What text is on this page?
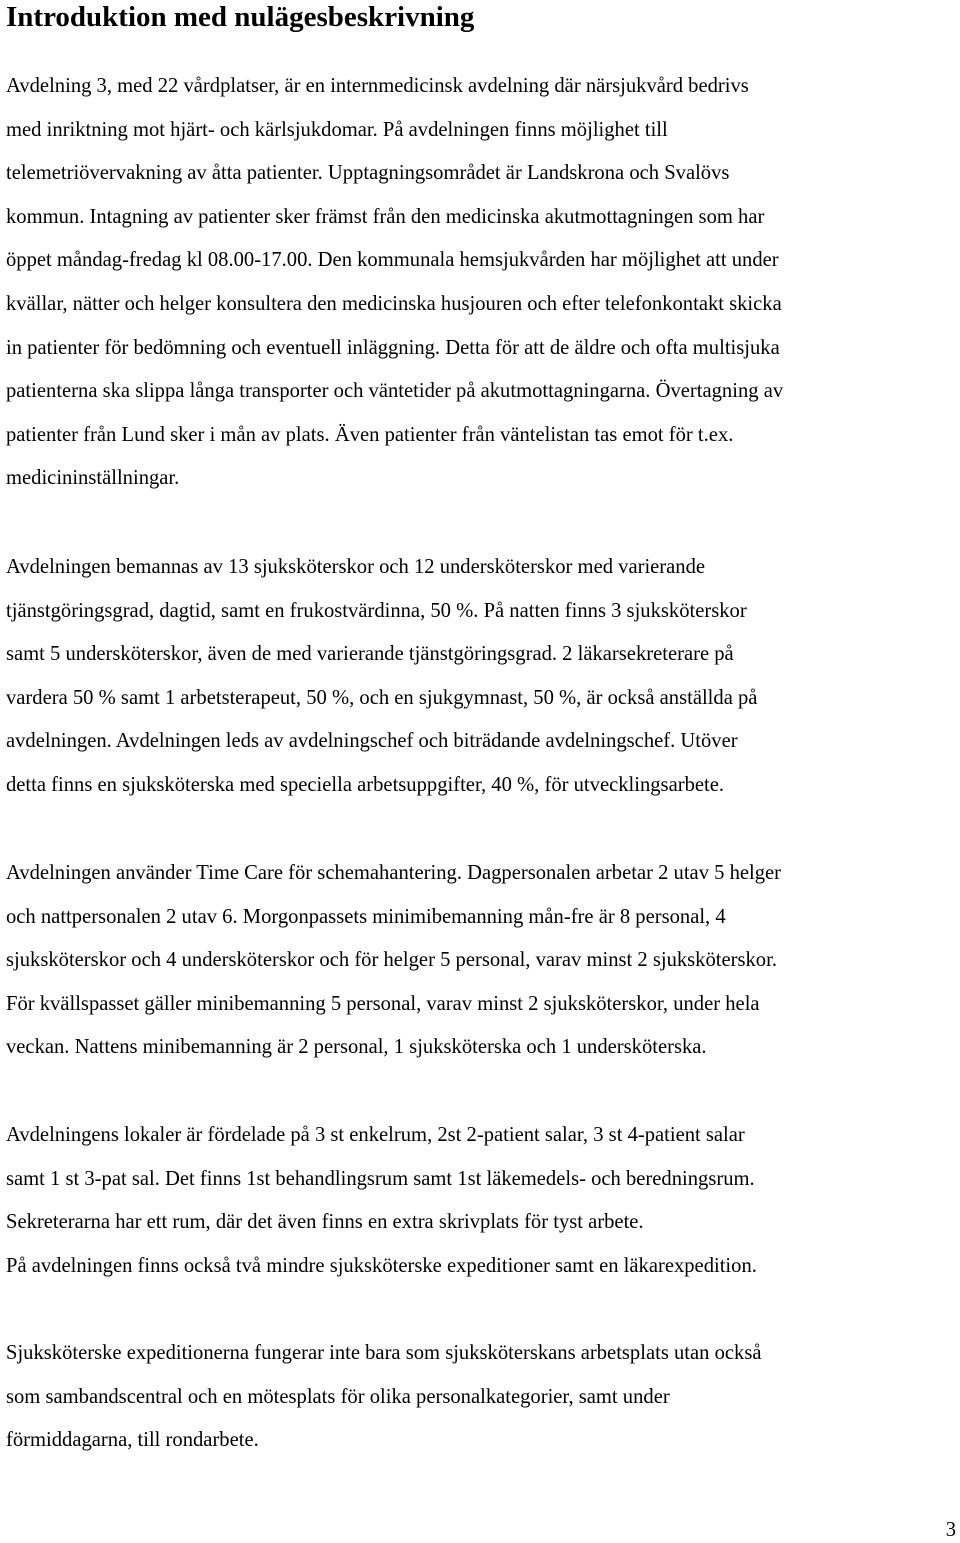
Introduktion med nulägesbeskrivning

Avdelning 3, med 22 vårdplatser, är en internmedicinsk avdelning där närsjukvård bedrivs
med inriktning mot hjärt- och kärlsjukdomar. På avdelningen finns möjlighet till
telemetriövervakning av åtta patienter. Upptagningsområdet är Landskrona och Svalövs
kommun. Intagning av patienter sker främst från den medicinska akutmottagningen som har
öppet måndag-fredag kl 08.00-17.00. Den kommunala hemsjukvården har möjlighet att under
kvällar, nätter och helger konsultera den medicinska husjouren och efter telefonkontakt skicka
in patienter för bedömning och eventuell inläggning. Detta för att de äldre och ofta multisjuka
patienterna ska slippa långa transporter och väntetider på akutmottagningarna. Övertagning av
patienter från Lund sker i mån av plats. Även patienter från väntelistan tas emot för t.ex.
medicininställningar.

Avdelningen bemannas av 13 sjuksköterskor och 12 undersköterskor med varierande
tjänstgöringsgrad, dagtid, samt en frukostvärdinna, 50 %. På natten finns 3 sjuksköterskor
samt 5 undersköterskor, även de med varierande tjänstgöringsgrad. 2 läkarsekreterare på
vardera 50 % samt 1 arbetsterapeut, 50 %, och en sjukgymnast, 50 %, är också anställda på
avdelningen. Avdelningen leds av avdelningschef och biträdande avdelningschef. Utöver
detta finns en sjuksköterska med speciella arbetsuppgifter, 40 %, för utvecklingsarbete.

Avdelningen använder Time Care för schemahantering. Dagpersonalen arbetar 2 utav 5 helger
och nattpersonalen 2 utav 6. Morgonpassets minimibemanning mån-fre är 8 personal, 4
sjuksköterskor och 4 undersköterskor och för helger 5 personal, varav minst 2 sjuksköterskor.
För kvällspasset gäller minibemanning 5 personal, varav minst 2 sjuksköterskor, under hela
veckan. Nattens minibemanning är 2 personal, 1 sjuksköterska och 1 undersköterska.

Avdelningens lokaler är fördelade på 3 st enkelrum, 2st 2-patient salar, 3 st 4-patient salar
samt 1 st 3-pat sal. Det finns 1st behandlingsrum samt 1st läkemedels- och beredningsrum.
Sekreterarna har ett rum, där det även finns en extra skrivplats för tyst arbete.
På avdelningen finns också två mindre sjuksköterske expeditioner samt en läkarexpedition.

Sjuksköterske expeditionerna fungerar inte bara som sjuksköterskans arbetsplats utan också
som sambandscentral och en mötesplats för olika personalkategorier, samt under
förmiddagarna, till rondarbete.

3
